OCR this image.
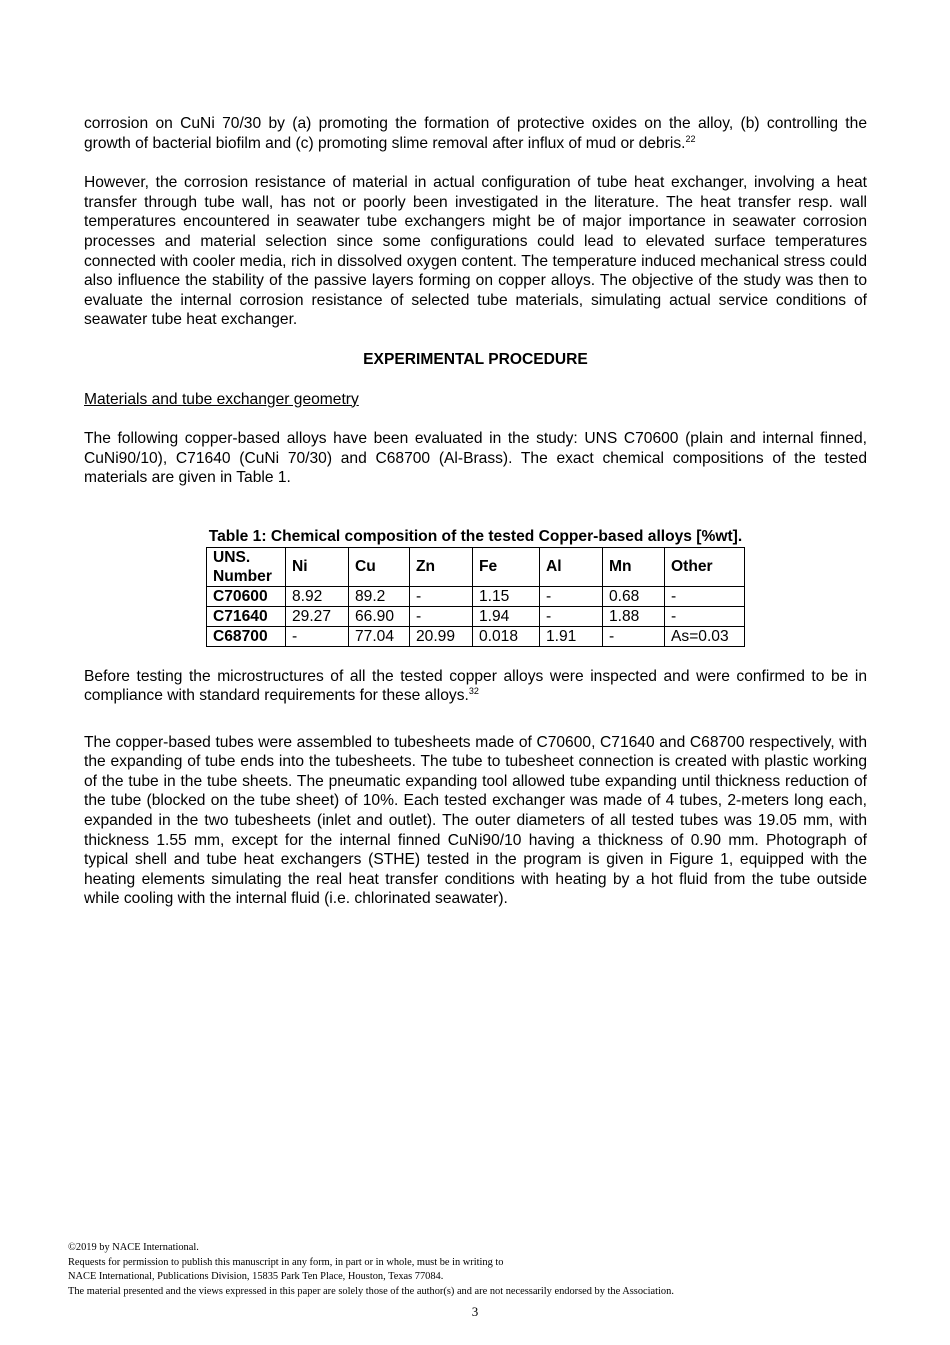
corrosion on CuNi 70/30 by (a) promoting the formation of protective oxides on the alloy, (b) controlling the growth of bacterial biofilm and (c) promoting slime removal after influx of mud or debris.$^{22}$

However, the corrosion resistance of material in actual configuration of tube heat exchanger, involving a heat transfer through tube wall, has not or poorly been investigated in the literature. The heat transfer resp. wall temperatures encountered in seawater tube exchangers might be of major importance in seawater corrosion processes and material selection since some configurations could lead to elevated surface temperatures connected with cooler media, rich in dissolved oxygen content. The temperature induced mechanical stress could also influence the stability of the passive layers forming on copper alloys. The objective of the study was then to evaluate the internal corrosion resistance of selected tube materials, simulating actual service conditions of seawater tube heat exchanger.

EXPERIMENTAL PROCEDURE
Materials and tube exchanger geometry

The following copper-based alloys have been evaluated in the study: UNS C70600 (plain and internal finned, CuNi90/10), C71640 (CuNi 70/30) and C68700 (Al-Brass). The exact chemical compositions of the tested materials are given in Table 1.

Table 1: Chemical composition of the tested Copper-based alloys [%wt].
UNS.
Number	Ni	Cu	Zn	Fe	Al	Mn	Other
C70600	8.92	89.2	-	1.15	-	0.68	-
C71640	29.27	66.90	-	1.94	-	1.88	-
C68700	-	77.04	20.99	0.018	1.91	-	As=0.03

Before testing the microstructures of all the tested copper alloys were inspected and were confirmed to be in compliance with standard requirements for these alloys.$^{32}$

The copper-based tubes were assembled to tubesheets made of C70600, C71640 and C68700 respectively, with the expanding of tube ends into the tubesheets. The tube to tubesheet connection is created with plastic working of the tube in the tube sheets. The pneumatic expanding tool allowed tube expanding until thickness reduction of the tube (blocked on the tube sheet) of 10%. Each tested exchanger was made of 4 tubes, 2-meters long each, expanded in the two tubesheets (inlet and outlet). The outer diameters of all tested tubes was 19.05 mm, with thickness 1.55 mm, except for the internal finned CuNi90/10 having a thickness of 0.90 mm. Photograph of typical shell and tube heat exchangers (STHE) tested in the program is given in Figure 1, equipped with the heating elements simulating the real heat transfer conditions with heating by a hot fluid from the tube outside while cooling with the internal fluid (i.e. chlorinated seawater).

©2019 by NACE International.
Requests for permission to publish this manuscript in any form, in part or in whole, must be in writing to
NACE International, Publications Division, 15835 Park Ten Place, Houston, Texas 77084.
The material presented and the views expressed in this paper are solely those of the author(s) and are not necessarily endorsed by the Association.
3
